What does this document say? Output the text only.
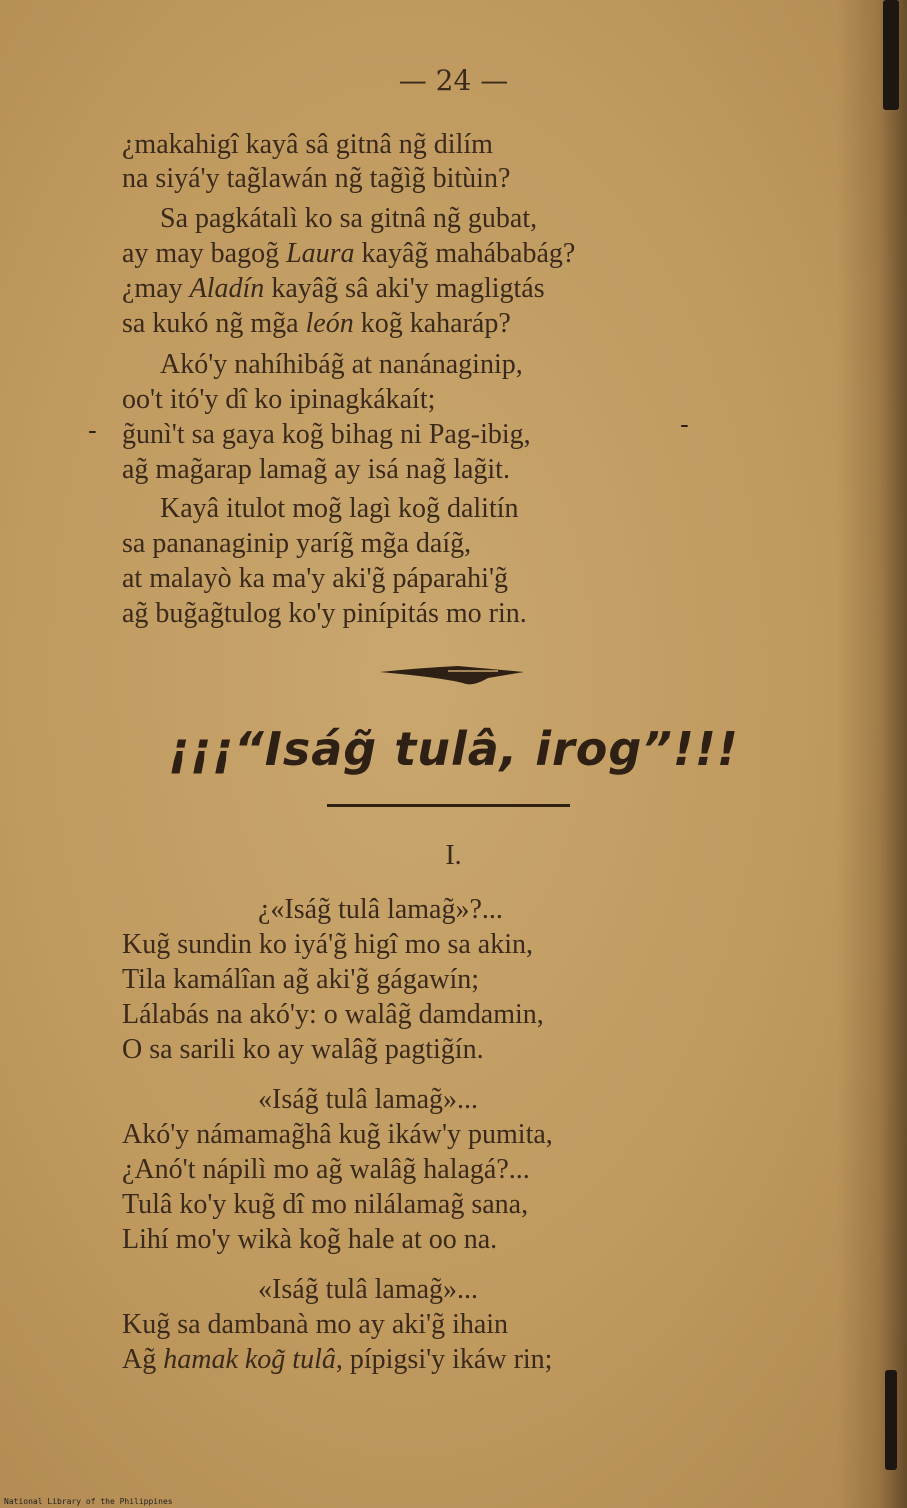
— 24 —
¿makahigî kayâ sâ gitnâ ng̃ dilím
na siyá'y tag̃lawán ng̃ tag̃ìg̃ bitùin?
Sa pagkátalì ko sa gitnâ ng̃ gubat,
ay may bagog̃ Laura kayâg̃ mahábabág?
¿may Aladín kayâg̃ sâ aki'y magligtás
sa kukó ng̃ mg̃a león kog̃ kaharáp?
Akó'y nahíhibág̃ at nanánaginip,
oo't itó'y dî ko ipinagkákaít;
g̃unì't sa gaya kog̃ bihag ni Pag-ibig,
ag̃ mag̃arap lamag̃ ay isá nag̃ lag̃it.
Kayâ itulot mog̃ lagì kog̃ dalitín
sa pananaginip yaríg̃ mg̃a daíg̃,
at malayò ka ma'y aki'g̃ páparahi'g̃
ag̃ bug̃ag̃tulog ko'y pinípitás mo rin.
-	-
¡¡¡“Iság̃ tulâ, irog”!!!
I.
¿«Iság̃ tulâ lamag̃»?...
Kug̃ sundin ko iyá'g̃ higî mo sa akin,
Tila kamálîan ag̃ aki'g̃ gágawín;
Lálabás na akó'y: o walâg̃ damdamin,
O sa sarili ko ay walâg̃ pagtig̃ín.
«Iság̃ tulâ lamag̃»...
Akó'y námamag̃hâ kug̃ ikáw'y pumita,
¿Anó't nápilì mo ag̃ walâg̃ halagá?...
Tulâ ko'y kug̃ dî mo nilálamag̃ sana,
Lihí mo'y wikà kog̃ hale at oo na.
«Iság̃ tulâ lamag̃»...
Kug̃ sa dambanà mo ay aki'g̃ ihain
Ag̃ hamak kog̃ tulâ, pípigsi'y ikáw rin;
National Library of the Philippines
